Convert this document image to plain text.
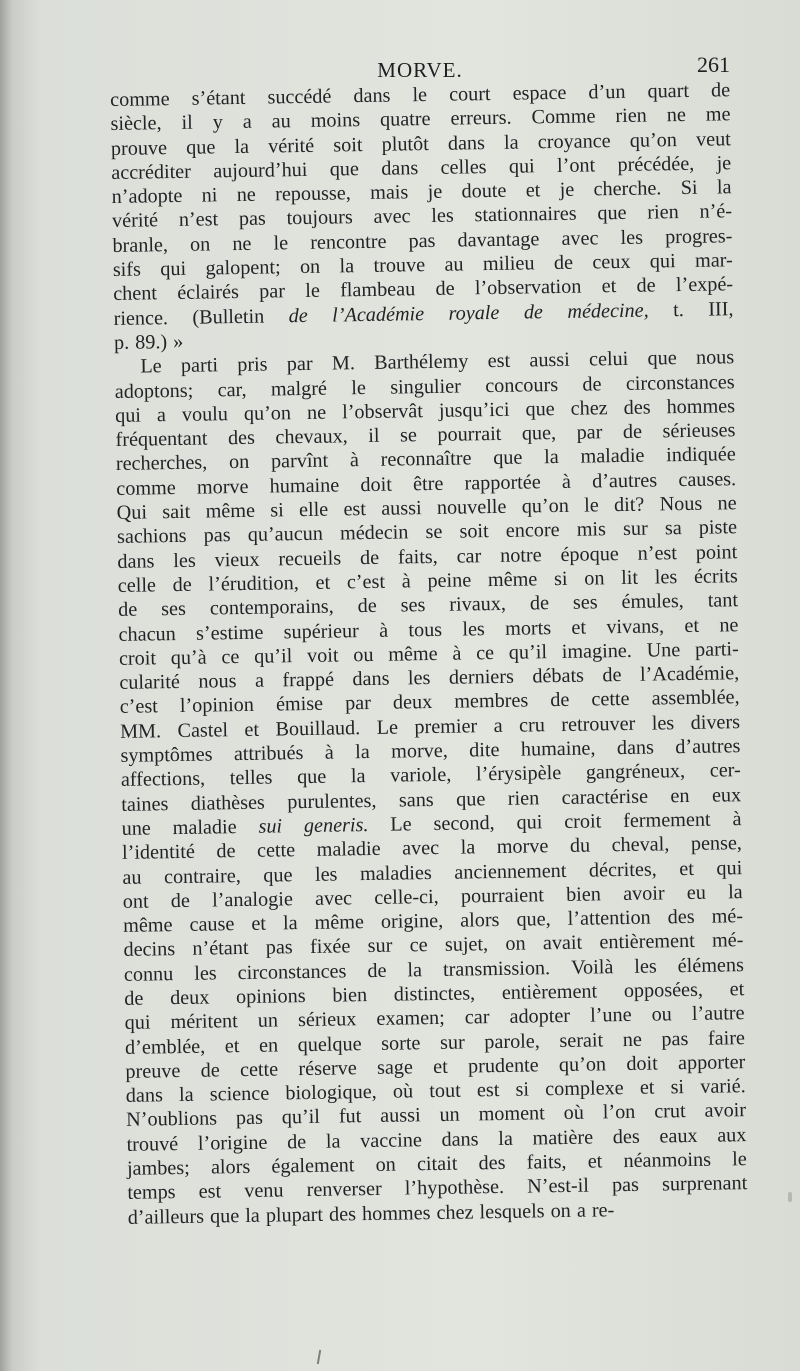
MORVE.	261
comme s’étant succédé dans le court espace d’un quart de
siècle, il y a au moins quatre erreurs. Comme rien ne me
prouve que la vérité soit plutôt dans la croyance qu’on veut
accréditer aujourd’hui que dans celles qui l’ont précédée, je
n’adopte ni ne repousse, mais je doute et je cherche. Si la
vérité n’est pas toujours avec les stationnaires que rien n’é-
branle, on ne le rencontre pas davantage avec les progres-
sifs qui galopent; on la trouve au milieu de ceux qui mar-
chent éclairés par le flambeau de l’observation et de l’expé-
rience. (Bulletin de l’Académie royale de médecine, t. III,
p. 89.) »
Le parti pris par M. Barthélemy est aussi celui que nous
adoptons; car, malgré le singulier concours de circonstances
qui a voulu qu’on ne l’observât jusqu’ici que chez des hommes
fréquentant des chevaux, il se pourrait que, par de sérieuses
recherches, on parvînt à reconnaître que la maladie indiquée
comme morve humaine doit être rapportée à d’autres causes.
Qui sait même si elle est aussi nouvelle qu’on le dit? Nous ne
sachions pas qu’aucun médecin se soit encore mis sur sa piste
dans les vieux recueils de faits, car notre époque n’est point
celle de l’érudition, et c’est à peine même si on lit les écrits
de ses contemporains, de ses rivaux, de ses émules, tant
chacun s’estime supérieur à tous les morts et vivans, et ne
croit qu’à ce qu’il voit ou même à ce qu’il imagine. Une parti-
cularité nous a frappé dans les derniers débats de l’Académie,
c’est l’opinion émise par deux membres de cette assemblée,
MM. Castel et Bouillaud. Le premier a cru retrouver les divers
symptômes attribués à la morve, dite humaine, dans d’autres
affections, telles que la variole, l’érysipèle gangréneux, cer-
taines diathèses purulentes, sans que rien caractérise en eux
une maladie sui generis. Le second, qui croit fermement à
l’identité de cette maladie avec la morve du cheval, pense,
au contraire, que les maladies anciennement décrites, et qui
ont de l’analogie avec celle-ci, pourraient bien avoir eu la
même cause et la même origine, alors que, l’attention des mé-
decins n’étant pas fixée sur ce sujet, on avait entièrement mé-
connu les circonstances de la transmission. Voilà les élémens
de deux opinions bien distinctes, entièrement opposées, et
qui méritent un sérieux examen; car adopter l’une ou l’autre
d’emblée, et en quelque sorte sur parole, serait ne pas faire
preuve de cette réserve sage et prudente qu’on doit apporter
dans la science biologique, où tout est si complexe et si varié.
N’oublions pas qu’il fut aussi un moment où l’on crut avoir
trouvé l’origine de la vaccine dans la matière des eaux aux
jambes; alors également on citait des faits, et néanmoins le
temps est venu renverser l’hypothèse. N’est-il pas surprenant
d’ailleurs que la plupart des hommes chez lesquels on a re-
